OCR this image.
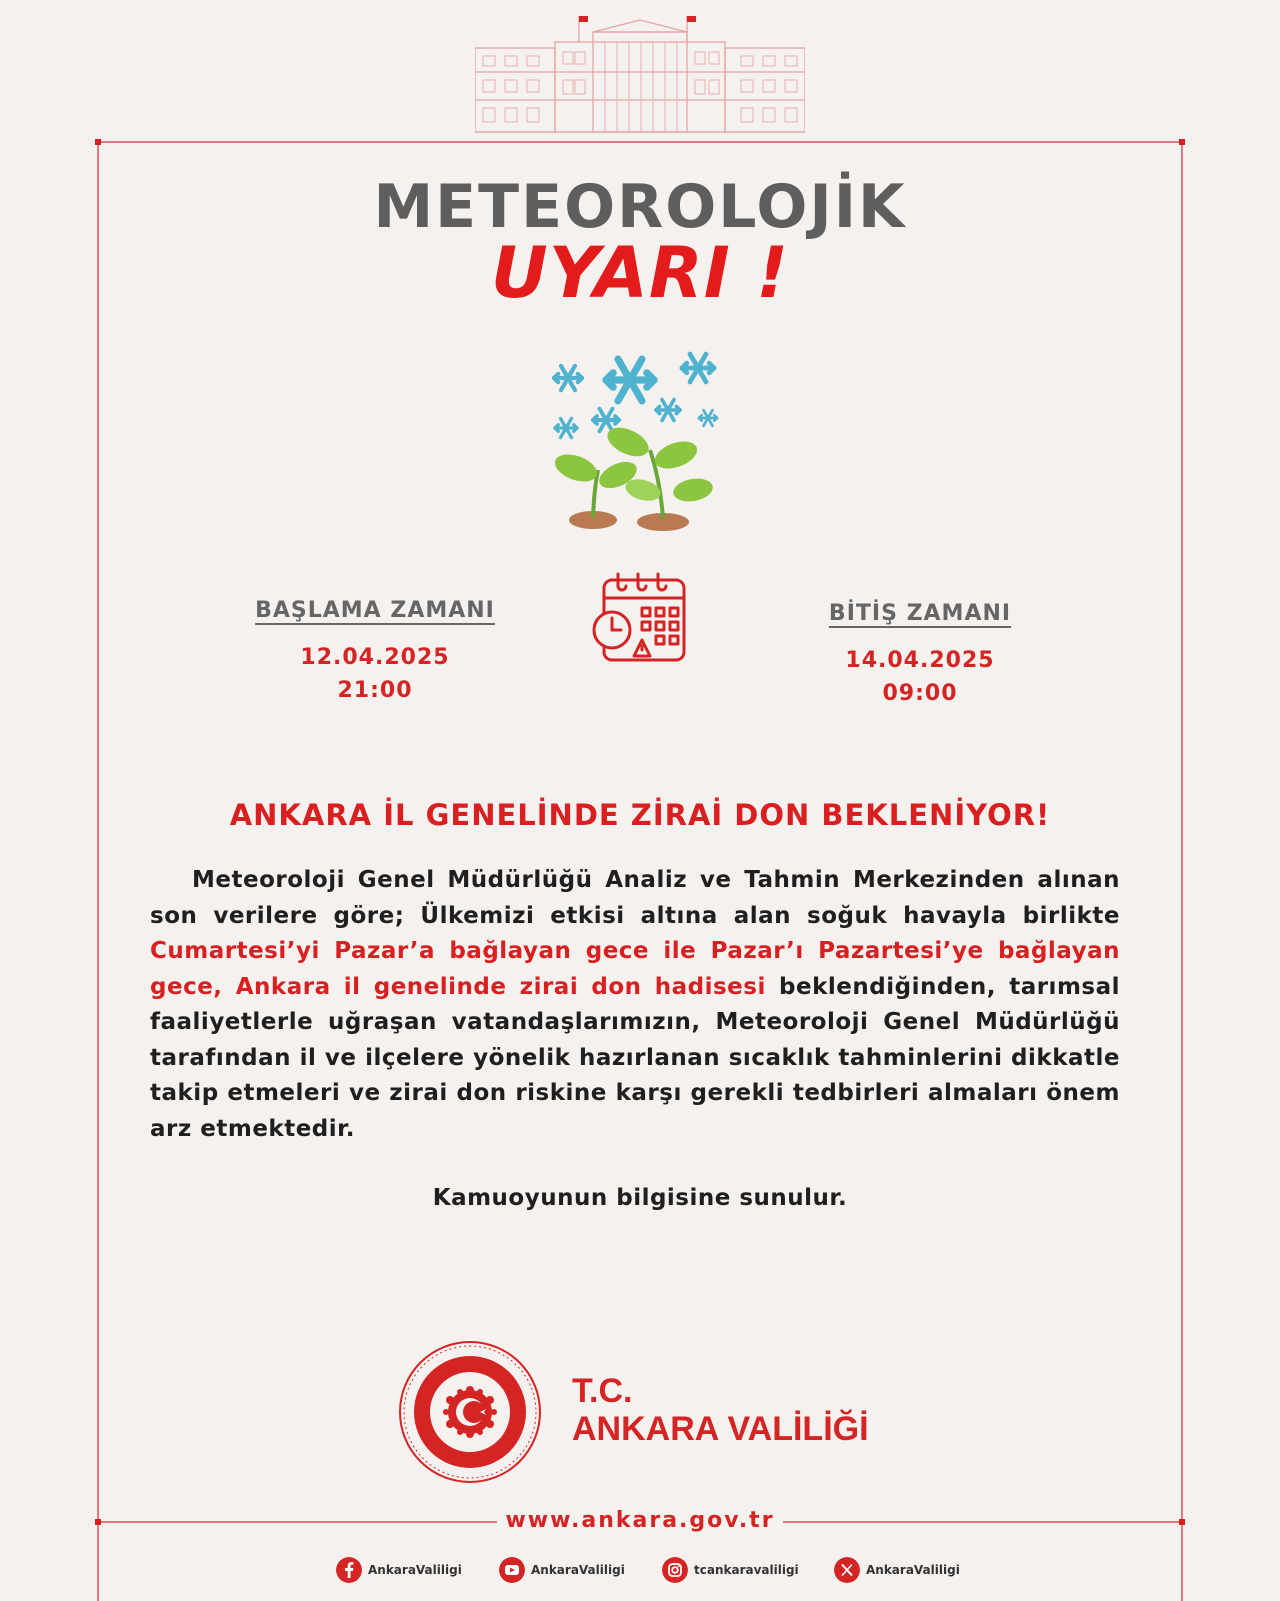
METEOROLOJİK
UYARI !
BAŞLAMA ZAMANI
12.04.2025
21:00
BİTİŞ ZAMANI
14.04.2025
09:00
ANKARA İL GENELİNDE ZİRAİ DON BEKLENİYOR!
Meteoroloji Genel Müdürlüğü Analiz ve Tahmin Merkezinden alınan son verilere göre; Ülkemizi etkisi altına alan soğuk havayla birlikte Cumartesi’yi Pazar’a bağlayan gece ile Pazar’ı Pazartesi’ye bağlayan gece, Ankara il genelinde zirai don hadisesi beklendiğinden, tarımsal faaliyetlerle uğraşan vatandaşlarımızın, Meteoroloji Genel Müdürlüğü tarafından il ve ilçelere yönelik hazırlanan sıcaklık tahminlerini dikkatle takip etmeleri ve zirai don riskine karşı gerekli tedbirleri almaları önem arz etmektedir.
Kamuoyunun bilgisine sunulur.
T.C.
ANKARA VALİLİĞİ
www.ankara.gov.tr
AnkaraValiligi	AnkaraValiligi	tcankaravaliligi	AnkaraValiligi
